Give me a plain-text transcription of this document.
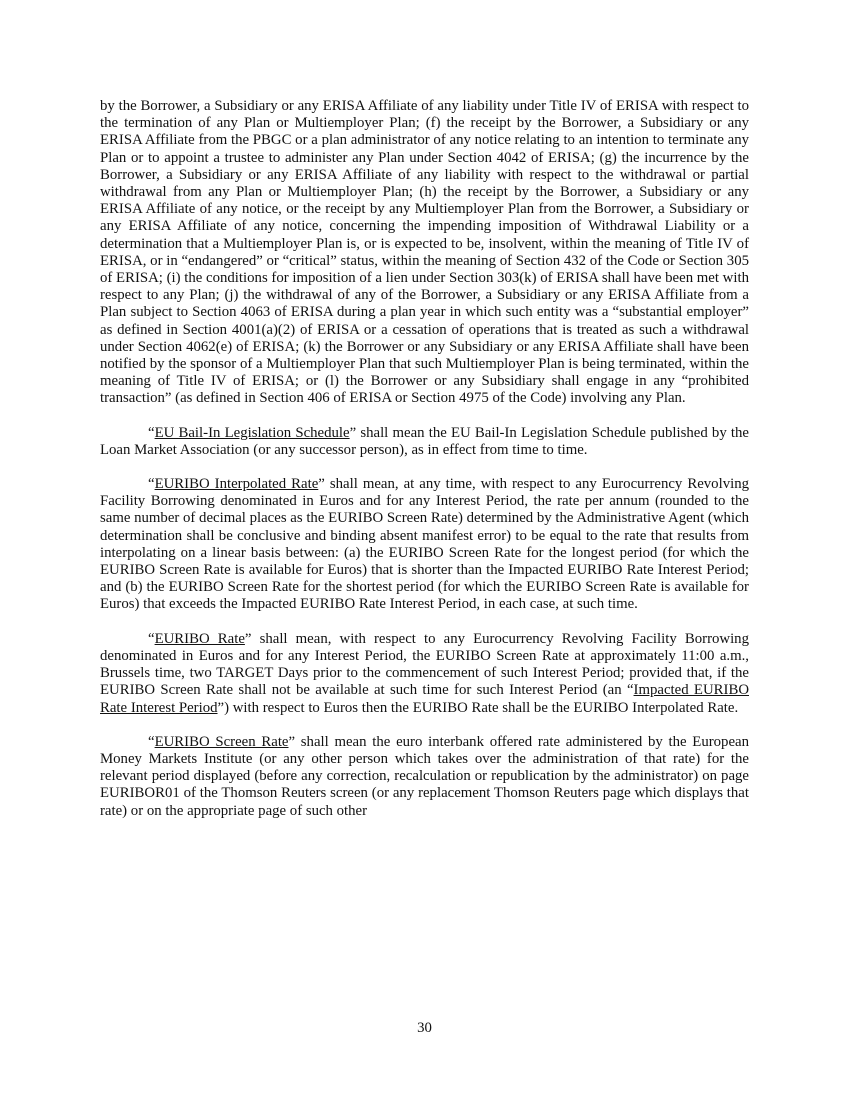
by the Borrower, a Subsidiary or any ERISA Affiliate of any liability under Title IV of ERISA with respect to the termination of any Plan or Multiemployer Plan; (f) the receipt by the Borrower, a Subsidiary or any ERISA Affiliate from the PBGC or a plan administrator of any notice relating to an intention to terminate any Plan or to appoint a trustee to administer any Plan under Section 4042 of ERISA; (g) the incurrence by the Borrower, a Subsidiary or any ERISA Affiliate of any liability with respect to the withdrawal or partial withdrawal from any Plan or Multiemployer Plan; (h) the receipt by the Borrower, a Subsidiary or any ERISA Affiliate of any notice, or the receipt by any Multiemployer Plan from the Borrower, a Subsidiary or any ERISA Affiliate of any notice, concerning the impending imposition of Withdrawal Liability or a determination that a Multiemployer Plan is, or is expected to be, insolvent, within the meaning of Title IV of ERISA, or in “endangered” or “critical” status, within the meaning of Section 432 of the Code or Section 305 of ERISA; (i) the conditions for imposition of a lien under Section 303(k) of ERISA shall have been met with respect to any Plan; (j) the withdrawal of any of the Borrower, a Subsidiary or any ERISA Affiliate from a Plan subject to Section 4063 of ERISA during a plan year in which such entity was a “substantial employer” as defined in Section 4001(a)(2) of ERISA or a cessation of operations that is treated as such a withdrawal under Section 4062(e) of ERISA; (k) the Borrower or any Subsidiary or any ERISA Affiliate shall have been notified by the sponsor of a Multiemployer Plan that such Multiemployer Plan is being terminated, within the meaning of Title IV of ERISA; or (l) the Borrower or any Subsidiary shall engage in any “prohibited transaction” (as defined in Section 406 of ERISA or Section 4975 of the Code) involving any Plan.

“EU Bail-In Legislation Schedule” shall mean the EU Bail-In Legislation Schedule published by the Loan Market Association (or any successor person), as in effect from time to time.

“EURIBO Interpolated Rate” shall mean, at any time, with respect to any Eurocurrency Revolving Facility Borrowing denominated in Euros and for any Interest Period, the rate per annum (rounded to the same number of decimal places as the EURIBO Screen Rate) determined by the Administrative Agent (which determination shall be conclusive and binding absent manifest error) to be equal to the rate that results from interpolating on a linear basis between: (a) the EURIBO Screen Rate for the longest period (for which the EURIBO Screen Rate is available for Euros) that is shorter than the Impacted EURIBO Rate Interest Period; and (b) the EURIBO Screen Rate for the shortest period (for which the EURIBO Screen Rate is available for Euros) that exceeds the Impacted EURIBO Rate Interest Period, in each case, at such time.

“EURIBO Rate” shall mean, with respect to any Eurocurrency Revolving Facility Borrowing denominated in Euros and for any Interest Period, the EURIBO Screen Rate at approximately 11:00 a.m., Brussels time, two TARGET Days prior to the commencement of such Interest Period; provided that, if the EURIBO Screen Rate shall not be available at such time for such Interest Period (an “Impacted EURIBO Rate Interest Period”) with respect to Euros then the EURIBO Rate shall be the EURIBO Interpolated Rate.

“EURIBO Screen Rate” shall mean the euro interbank offered rate administered by the European Money Markets Institute (or any other person which takes over the administration of that rate) for the relevant period displayed (before any correction, recalculation or republication by the administrator) on page EURIBOR01 of the Thomson Reuters screen (or any replacement Thomson Reuters page which displays that rate) or on the appropriate page of such other

30
